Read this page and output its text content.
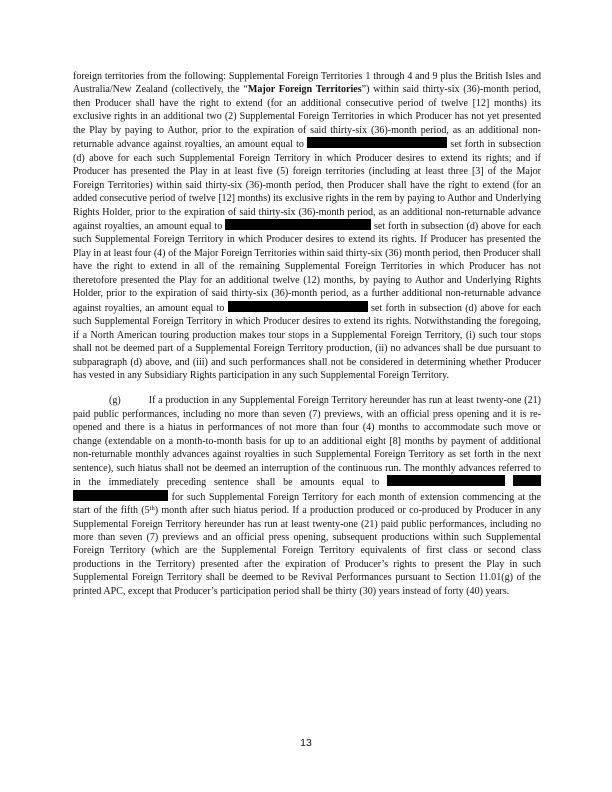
foreign territories from the following: Supplemental Foreign Territories 1 through 4 and 9 plus the British Isles and Australia/New Zealand (collectively, the “Major Foreign Territories”) within said thirty-six (36)-month period, then Producer shall have the right to extend (for an additional consecutive period of twelve [12] months) its exclusive rights in an additional two (2) Supplemental Foreign Territories in which Producer has not yet presented the Play by paying to Author, prior to the expiration of said thirty-six (36)-month period, as an additional non-returnable advance against royalties, an amount equal to	set forth in subsection (d) above for each such Supplemental Foreign Territory in which Producer desires to extend its rights; and if Producer has presented the Play in at least five (5) foreign territories (including at least three [3] of the Major Foreign Territories) within said thirty-six (36)-month period, then Producer shall have the right to extend (for an added consecutive period of twelve [12] months) its exclusive rights in the rem by paying to Author and Underlying Rights Holder, prior to the expiration of said thirty-six (36)-month period, as an additional non-returnable advance against royalties, an amount equal to	set forth in subsection (d) above for each such Supplemental Foreign Territory in which Producer desires to extend its rights. If Producer has presented the Play in at least four (4) of the Major Foreign Territories within said thirty-six (36) month period, then Producer shall have the right to extend in all of the remaining Supplemental Foreign Territories in which Producer has not theretofore presented the Play for an additional twelve (12) months, by paying to Author and Underlying Rights Holder, prior to the expiration of said thirty-six (36)-month period, as a further additional non-returnable advance against royalties, an amount equal to	set forth in subsection (d) above for each such Supplemental Foreign Territory in which Producer desires to extend its rights. Notwithstanding the foregoing, if a North American touring production makes tour stops in a Supplemental Foreign Territory, (i) such tour stops shall not be deemed part of a Supplemental Foreign Territory production, (ii) no advances shall be due pursuant to subparagraph (d) above, and (iii) and such performances shall not be considered in determining whether Producer has vested in any Subsidiary Rights participation in any such Supplemental Foreign Territory.

(g)	If a production in any Supplemental Foreign Territory hereunder has run at least twenty-one (21) paid public performances, including no more than seven (7) previews, with an official press opening and it is re-opened and there is a hiatus in performances of not more than four (4) months to accommodate such move or change (extendable on a month-to-month basis for up to an additional eight [8] months by payment of additional non-returnable monthly advances against royalties in such Supplemental Foreign Territory as set forth in the next sentence), such hiatus shall not be deemed an interruption of the continuous run. The monthly advances referred to in the immediately preceding sentence shall be amounts equal to    for such Supplemental Foreign Territory for each month of extension commencing at the start of the fifth (5th) month after such hiatus period. If a production produced or co-produced by Producer in any Supplemental Foreign Territory hereunder has run at least twenty-one (21) paid public performances, including no more than seven (7) previews and an official press opening, subsequent productions within such Supplemental Foreign Territory (which are the Supplemental Foreign Territory equivalents of first class or second class productions in the Territory) presented after the expiration of Producer’s rights to present the Play in such Supplemental Foreign Territory shall be deemed to be Revival Performances pursuant to Section 11.01(g) of the printed APC, except that Producer’s participation period shall be thirty (30) years instead of forty (40) years.

13
